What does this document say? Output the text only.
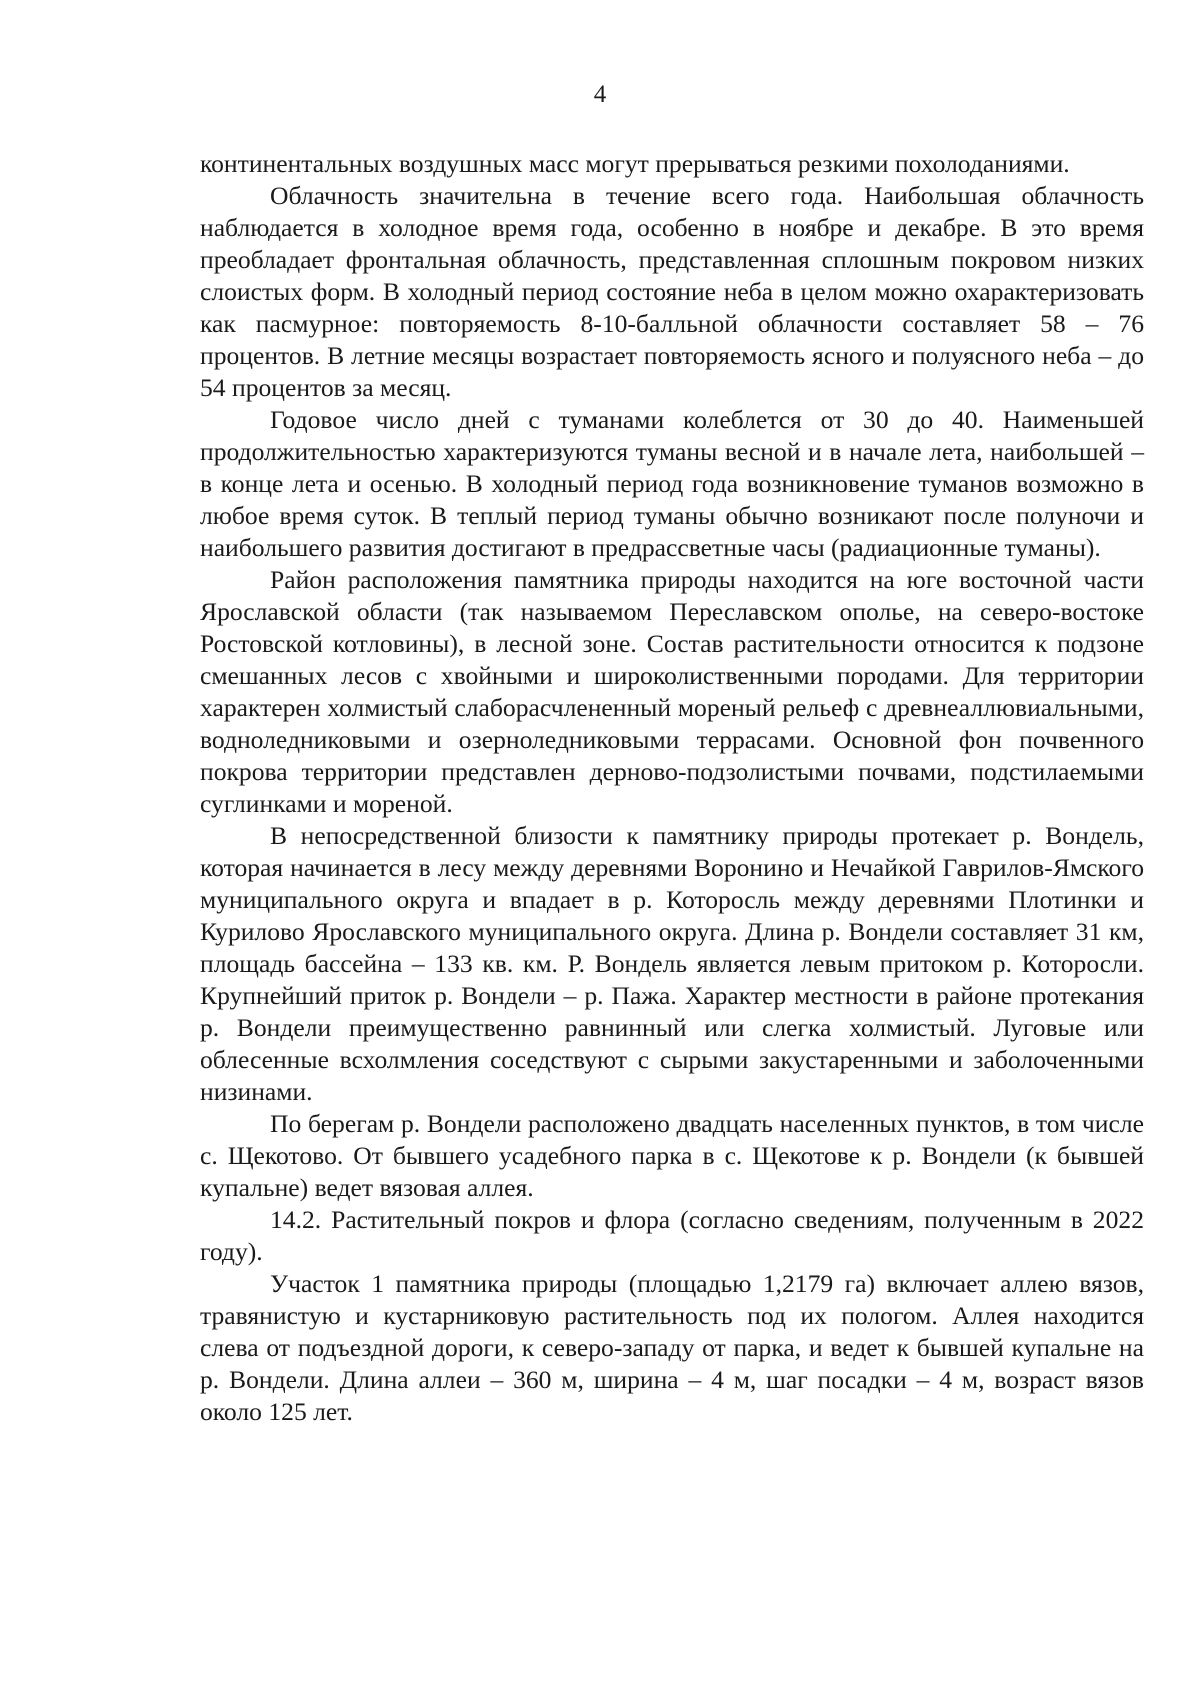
4

континентальных воздушных масс могут прерываться резкими похолоданиями.

Облачность значительна в течение всего года. Наибольшая облачность наблюдается в холодное время года, особенно в ноябре и декабре. В это время преобладает фронтальная облачность, представленная сплошным покровом низких слоистых форм. В холодный период состояние неба в целом можно охарактеризовать как пасмурное: повторяемость 8-10-балльной облачности составляет 58 – 76 процентов. В летние месяцы возрастает повторяемость ясного и полуясного неба – до 54 процентов за месяц.

Годовое число дней с туманами колеблется от 30 до 40. Наименьшей продолжительностью характеризуются туманы весной и в начале лета, наибольшей – в конце лета и осенью. В холодный период года возникновение туманов возможно в любое время суток. В теплый период туманы обычно возникают после полуночи и наибольшего развития достигают в предрассветные часы (радиационные туманы).

Район расположения памятника природы находится на юге восточной части Ярославской области (так называемом Переславском ополье, на северо-востоке Ростовской котловины), в лесной зоне. Состав растительности относится к подзоне смешанных лесов с хвойными и широколиственными породами. Для территории характерен холмистый слаборасчлененный мореный рельеф с древнеаллювиальными, водноледниковыми и озерноледниковыми террасами. Основной фон почвенного покрова территории представлен дерново-подзолистыми почвами, подстилаемыми суглинками и мореной.

В непосредственной близости к памятнику природы протекает р. Вондель, которая начинается в лесу между деревнями Воронино и Нечайкой Гаврилов-Ямского муниципального округа и впадает в р. Которосль между деревнями Плотинки и Курилово Ярославского муниципального округа. Длина р. Вондели составляет 31 км, площадь бассейна – 133 кв. км. Р. Вондель является левым притоком р. Которосли. Крупнейший приток р. Вондели – р. Пажа. Характер местности в районе протекания р. Вондели преимущественно равнинный или слегка холмистый. Луговые или облесенные всхолмления соседствуют с сырыми закустаренными и заболоченными низинами.

По берегам р. Вондели расположено двадцать населенных пунктов, в том числе с. Щекотово. От бывшего усадебного парка в с. Щекотове к р. Вондели (к бывшей купальне) ведет вязовая аллея.

14.2. Растительный покров и флора (согласно сведениям, полученным в 2022 году).

Участок 1 памятника природы (площадью 1,2179 га) включает аллею вязов, травянистую и кустарниковую растительность под их пологом. Аллея находится слева от подъездной дороги, к северо-западу от парка, и ведет к бывшей купальне на р. Вондели. Длина аллеи – 360 м, ширина – 4 м, шаг посадки – 4 м, возраст вязов около 125 лет.
